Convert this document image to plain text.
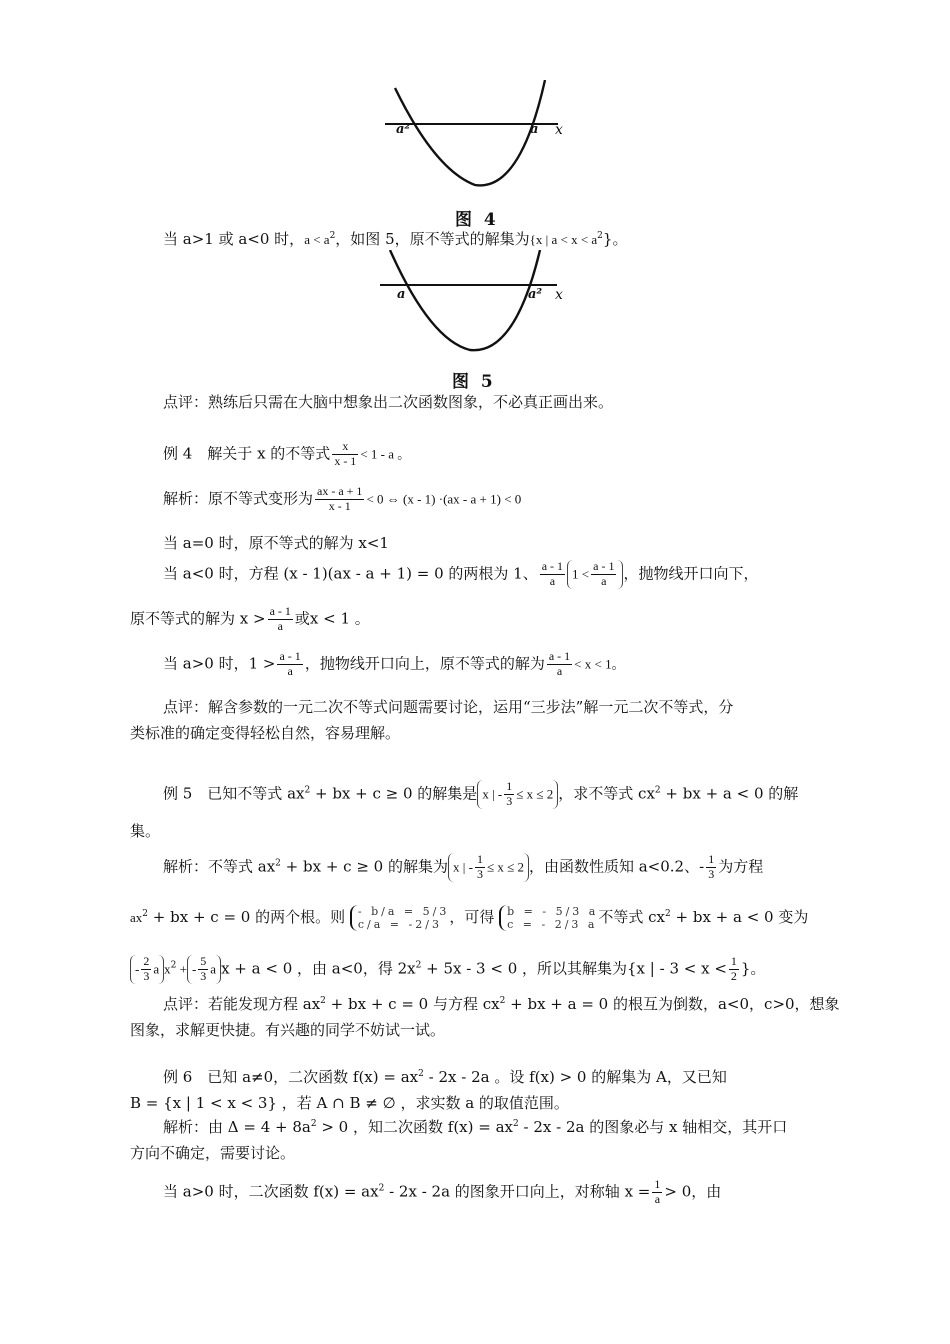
a²	a x
图 4
当 a>1 或 a<0 时，$a < a^2$，如图 5，原不等式的解集为{x | $a < x < a^2$}。
a	a² x
图 5
点评：熟练后只需在大脑中想象出二次函数图象，不必真正画出来。
例 4　解关于 x 的不等式 $\frac{x}{x - 1} < 1 - a$ 。
解析：原不等式变形为 $\frac{ax - a + 1}{x - 1} < 0$ ⇔ (x - 1) ·(ax - a + 1) < 0
当 a=0 时，原不等式的解为 x<1
当 a<0 时，方程 (x - 1)(ax - a + 1) = 0 的两根为 1、 $\frac{a - 1}{a} 1 < \frac{a - 1}{a}$ ，抛物线开口向下，
原不等式的解为 $x > \frac{a - 1}{a}$ 或x < 1 。
当 a>0 时，$1 > \frac{a - 1}{a}$ ，抛物线开口向上，原不等式的解为 $\frac{a - 1}{a} < x < 1$。
点评：解含参数的一元二次不等式问题需要讨论，运用“三步法”解一元二次不等式，分
类标准的确定变得轻松自然，容易理解。
例 5　已知不等式 $ax^2$ + bx + c ≥ 0 的解集是 x | - $\frac{1}{3} \le x \le 2$ ，求不等式 $cx^2$ + bx + a < 0 的解
集。
解析：不等式 $ax^2$ + bx + c ≥ 0 的解集为 x | - $\frac{1}{3} \le x \le 2$ ，由函数性质知 a<0.2、- $\frac{1}{3}$ 为方程
$ax^2$ + bx + c = 0 的两个根。则 - b/a = 5/3
c/a = -2/3 ，可得 b = - 5/3 a
c = - 2/3 a 不等式 $cx^2$ + bx + a < 0 变为
- $\frac{2}{3}$ a $x^2$ + - $\frac{5}{3}$ a x + a < 0 ，由 a<0，得 $2x^2 + 5x - 3 < 0$ ，所以其解集为{x | - $3 < x < \frac{1}{2}$ }。
点评：若能发现方程 $ax^2$ + bx + c = 0 与方程 $cx^2$ + bx + a = 0 的根互为倒数，a<0，c>0，想象
图象，求解更快捷。有兴趣的同学不妨试一试。
例 6　已知 a≠0，二次函数 $f(x) = ax^2 - 2x - 2a$ 。设 f(x) > 0 的解集为 A，又已知
B = {x | 1 < x < 3} ，若 A ∩ B ≠ ∅ ，求实数 a 的取值范围。
解析：由 $\Delta = 4 + 8a^2 > 0$ ，知二次函数 $f(x) = ax^2 - 2x - 2a$ 的图象必与 x 轴相交，其开口
方向不确定，需要讨论。
当 a>0 时，二次函数 $f(x) = ax^2 - 2x - 2a$ 的图象开口向上，对称轴 $x = \frac{1}{a} > 0$，由
